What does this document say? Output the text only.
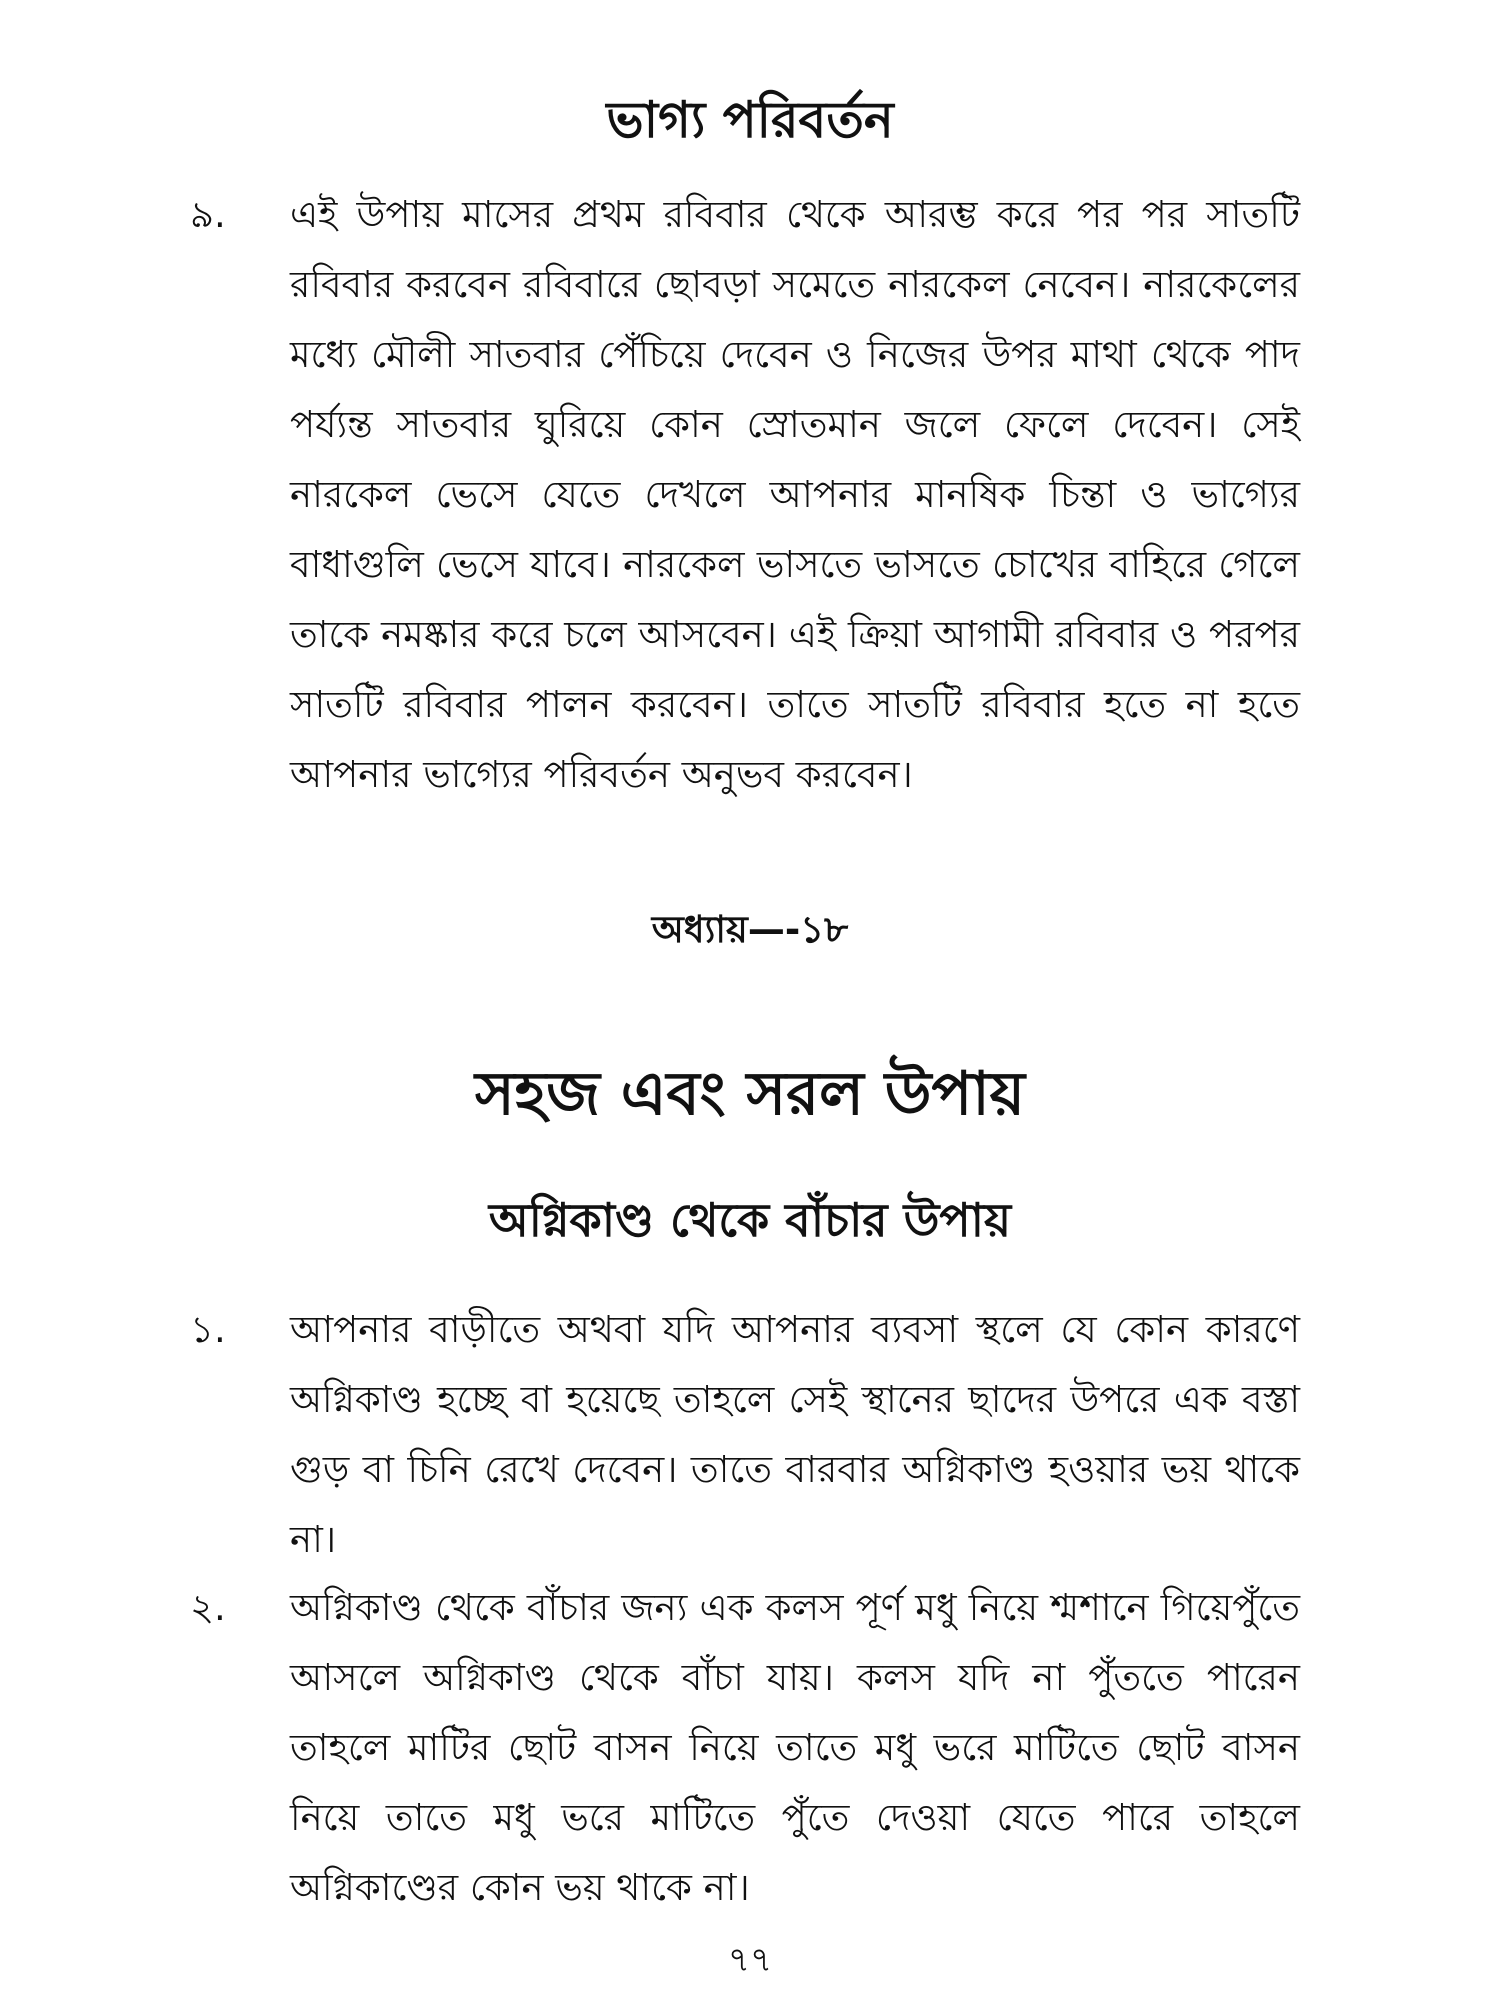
ভাগ্য পরিবর্তন
৯.	এই উপায় মাসের প্রথম রবিবার থেকে আরম্ভ করে পর পর সাতটি রবিবার করবেন রবিবারে ছোবড়া সমেতে নারকেল নেবেন। নারকেলের মধ্যে মৌলী সাতবার পেঁচিয়ে দেবেন ও নিজের উপর মাথা থেকে পাদ পর্য্যন্ত সাতবার ঘুরিয়ে কোন স্রোতমান জলে ফেলে দেবেন। সেই নারকেল ভেসে যেতে দেখলে আপনার মানষিক চিন্তা ও ভাগ্যের বাধাগুলি ভেসে যাবে। নারকেল ভাসতে ভাসতে চোখের বাহিরে গেলে তাকে নমষ্কার করে চলে আসবেন। এই ক্রিয়া আগামী রবিবার ও পরপর সাতটি রবিবার পালন করবেন। তাতে সাতটি রবিবার হতে না হতে আপনার ভাগ্যের পরিবর্তন অনুভব করবেন।
অধ্যায়—-১৮
সহজ এবং সরল উপায়
অগ্নিকাণ্ড থেকে বাঁচার উপায়
১.	আপনার বাড়ীতে অথবা যদি আপনার ব্যবসা স্থলে যে কোন কারণে অগ্নিকাণ্ড হচ্ছে বা হয়েছে তাহলে সেই স্থানের ছাদের উপরে এক বস্তা গুড় বা চিনি রেখে দেবেন। তাতে বারবার অগ্নিকাণ্ড হওয়ার ভয় থাকে না।
২.	অগ্নিকাণ্ড থেকে বাঁচার জন্য এক কলস পূর্ণ মধু নিয়ে শ্মশানে গিয়েপুঁতে আসলে অগ্নিকাণ্ড থেকে বাঁচা যায়। কলস যদি না পুঁততে পারেন তাহলে মাটির ছোট বাসন নিয়ে তাতে মধু ভরে মাটিতে ছোট বাসন নিয়ে তাতে মধু ভরে মাটিতে পুঁতে দেওয়া যেতে পারে তাহলে অগ্নিকাণ্ডের কোন ভয় থাকে না।
৭৭
